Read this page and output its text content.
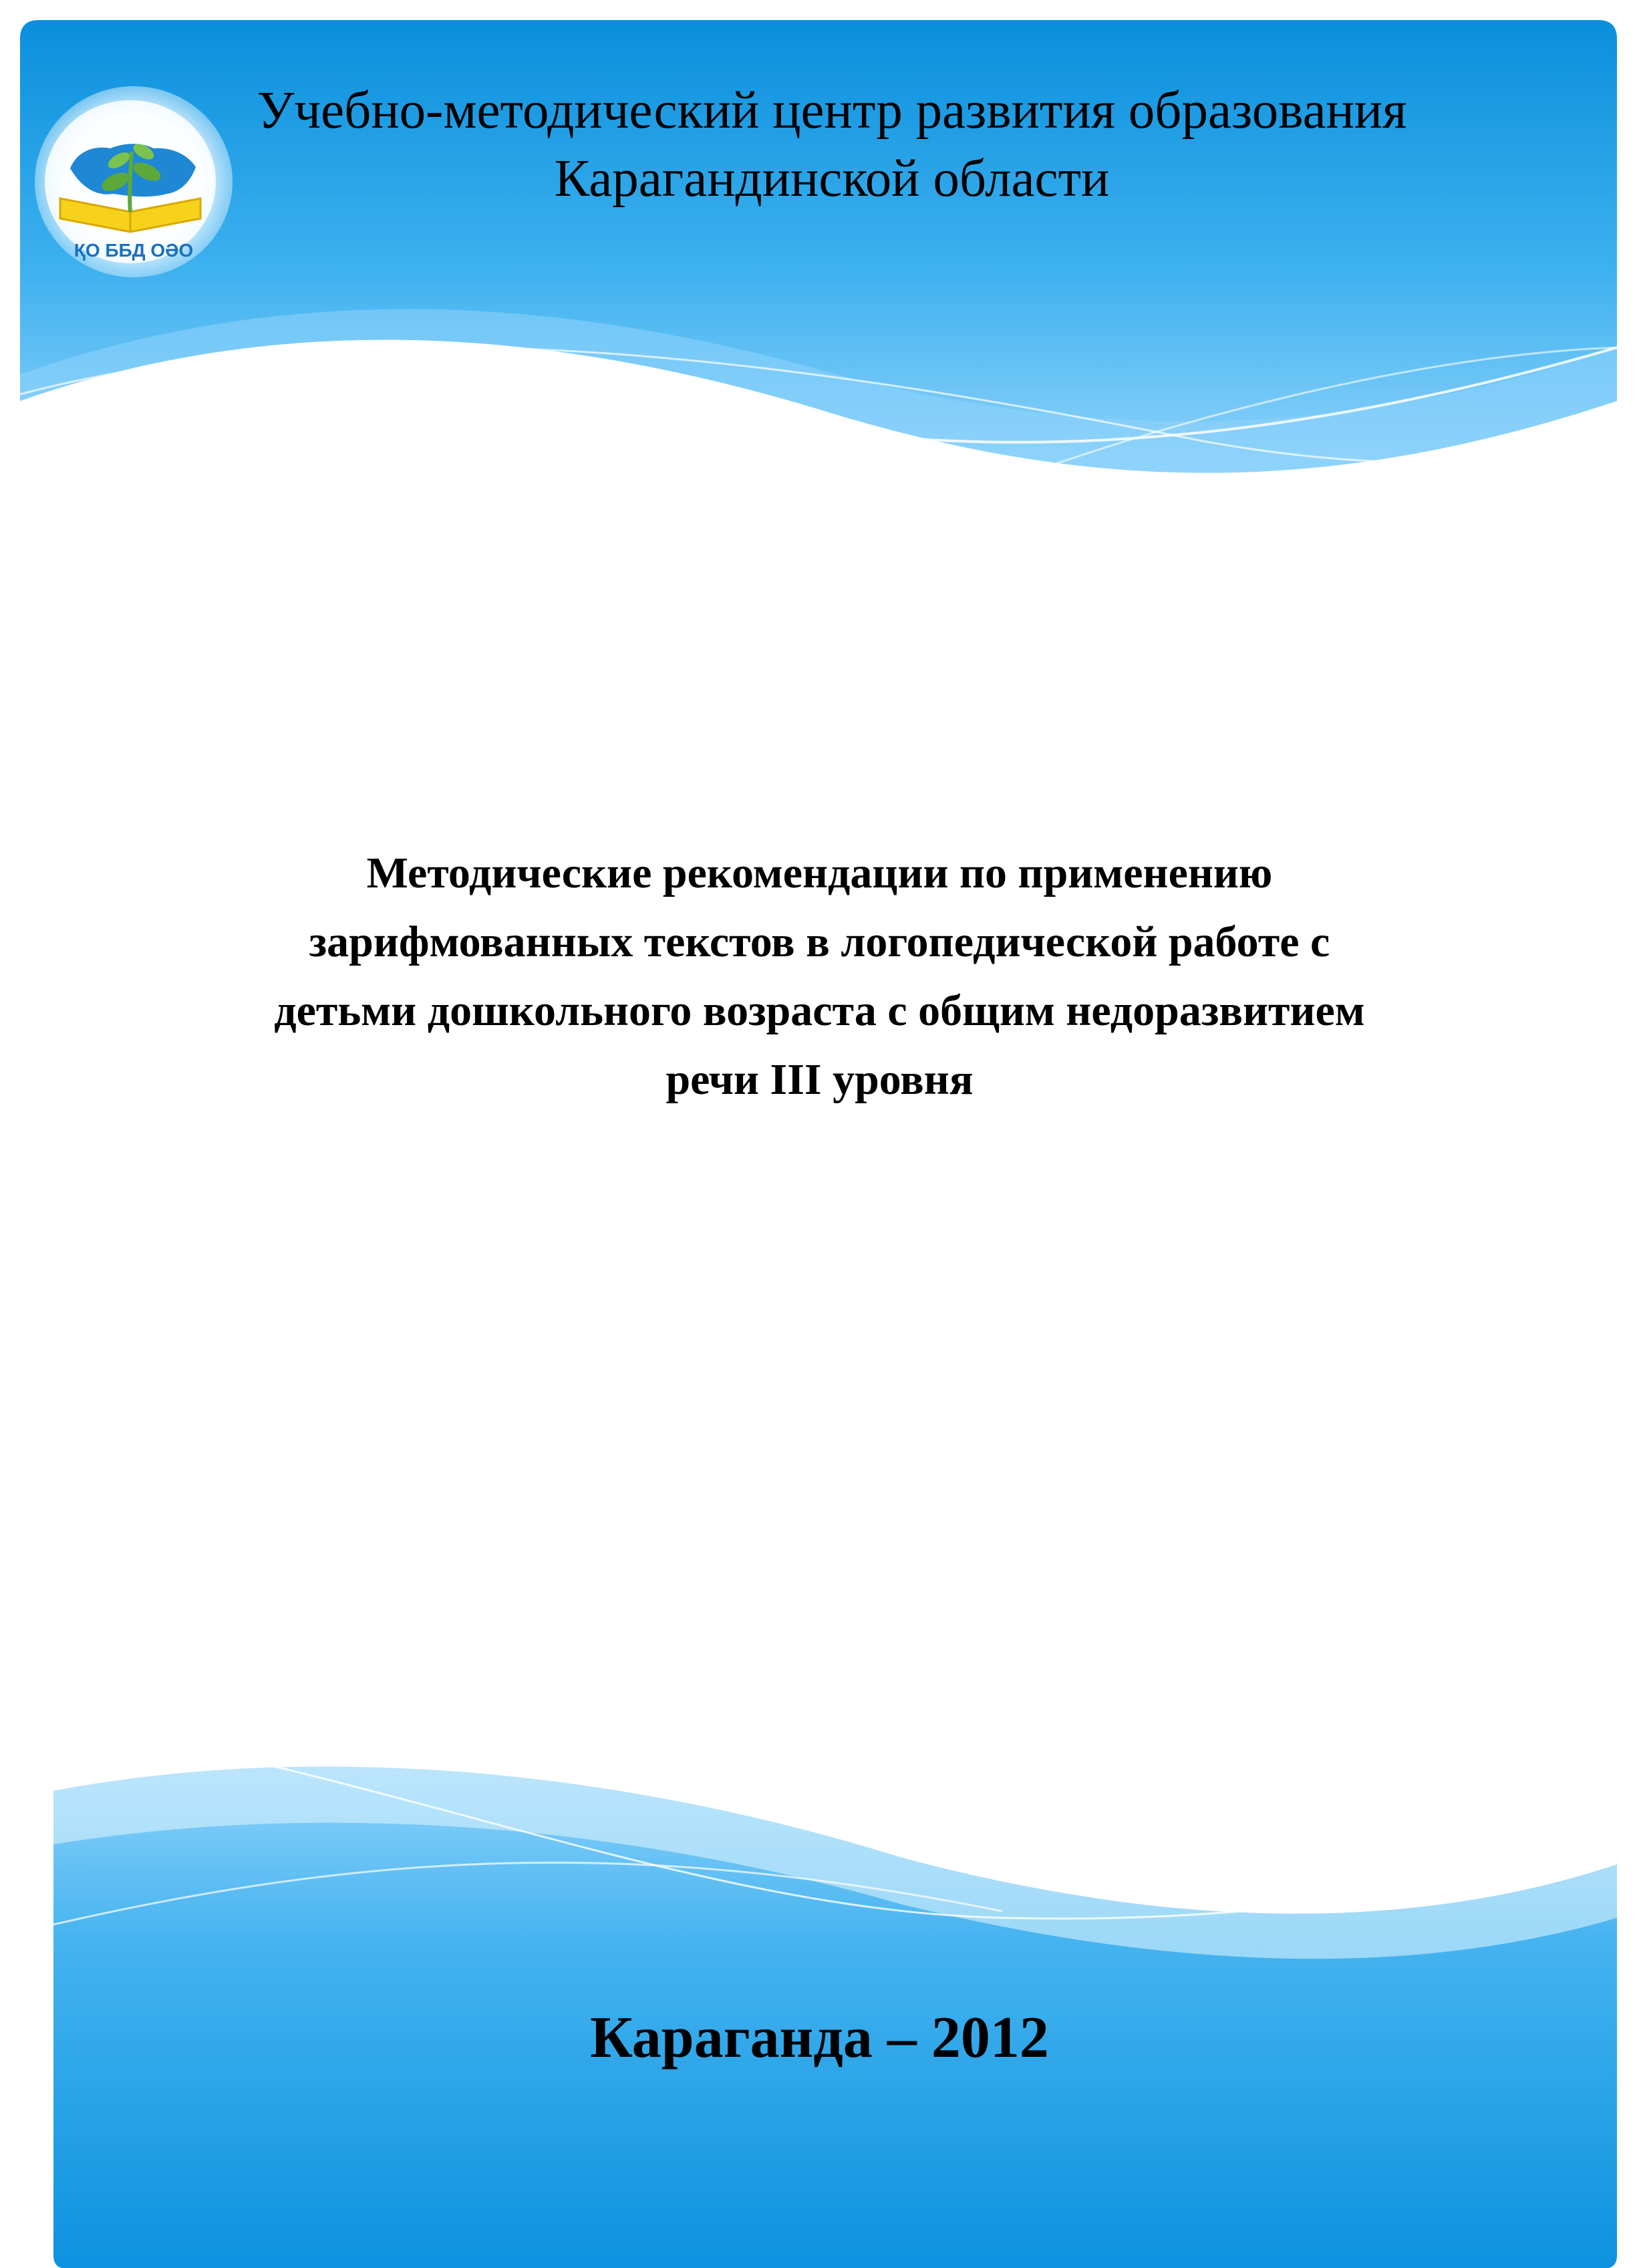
ҚО ББД ОӘО
Учебно-методический центр развития образования
Карагандинской области
Методические рекомендации по применению
зарифмованных текстов в логопедической работе с
детьми дошкольного возраста с общим недоразвитием
речи III уровня
Караганда – 2012
